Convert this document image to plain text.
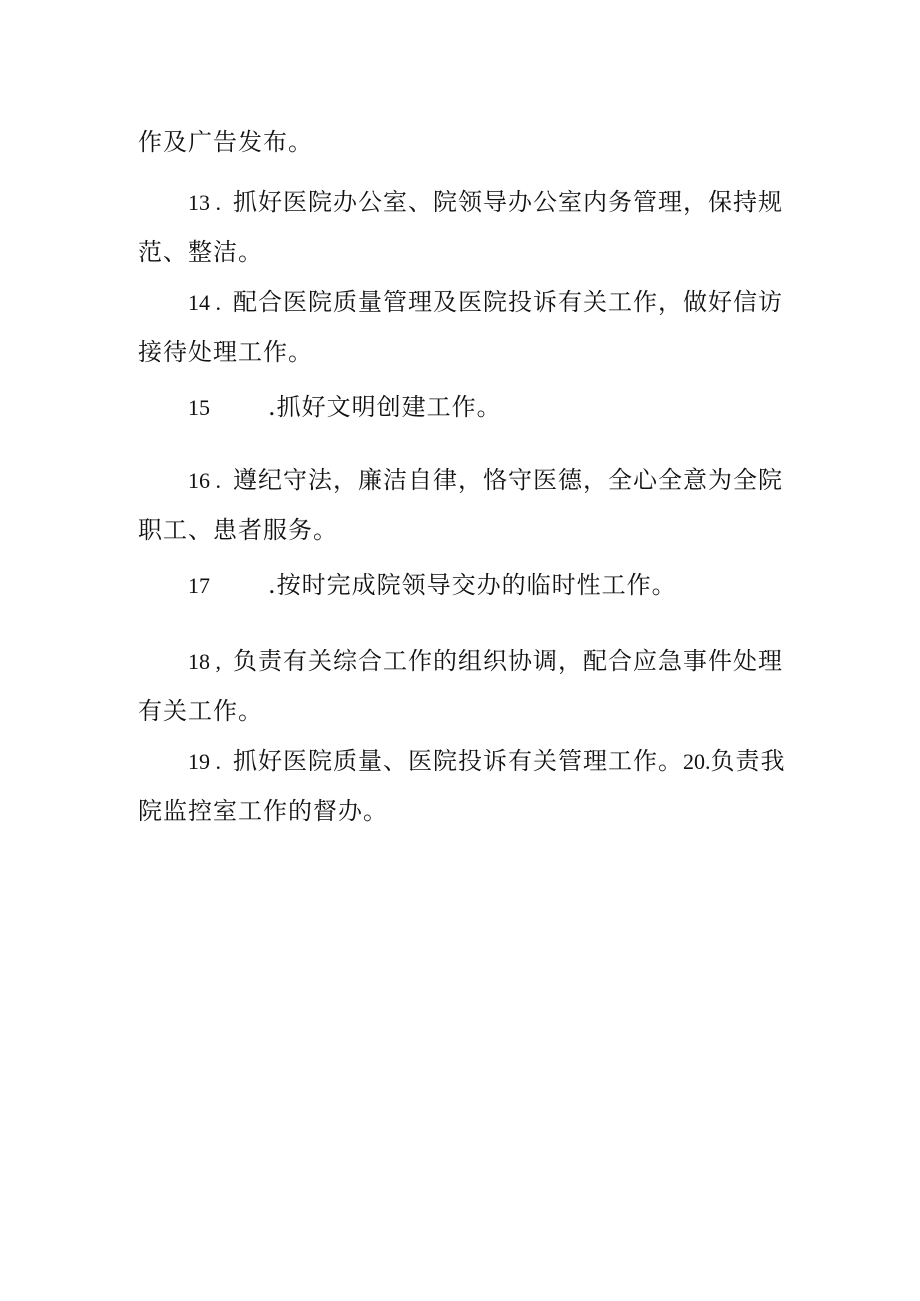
作及广告发布。
13 . 抓好医院办公室、院领导办公室内务管理，保持规
范、整洁。
14 . 配合医院质量管理及医院投诉有关工作，做好信访
接待处理工作。
15 .抓好文明创建工作。
16 . 遵纪守法，廉洁自律，恪守医德，全心全意为全院
职工、患者服务。
17 .按时完成院领导交办的临时性工作。
18 , 负责有关综合工作的组织协调，配合应急事件处理
有关工作。
19 . 抓好医院质量、医院投诉有关管理工作。20.负责我
院监控室工作的督办。
